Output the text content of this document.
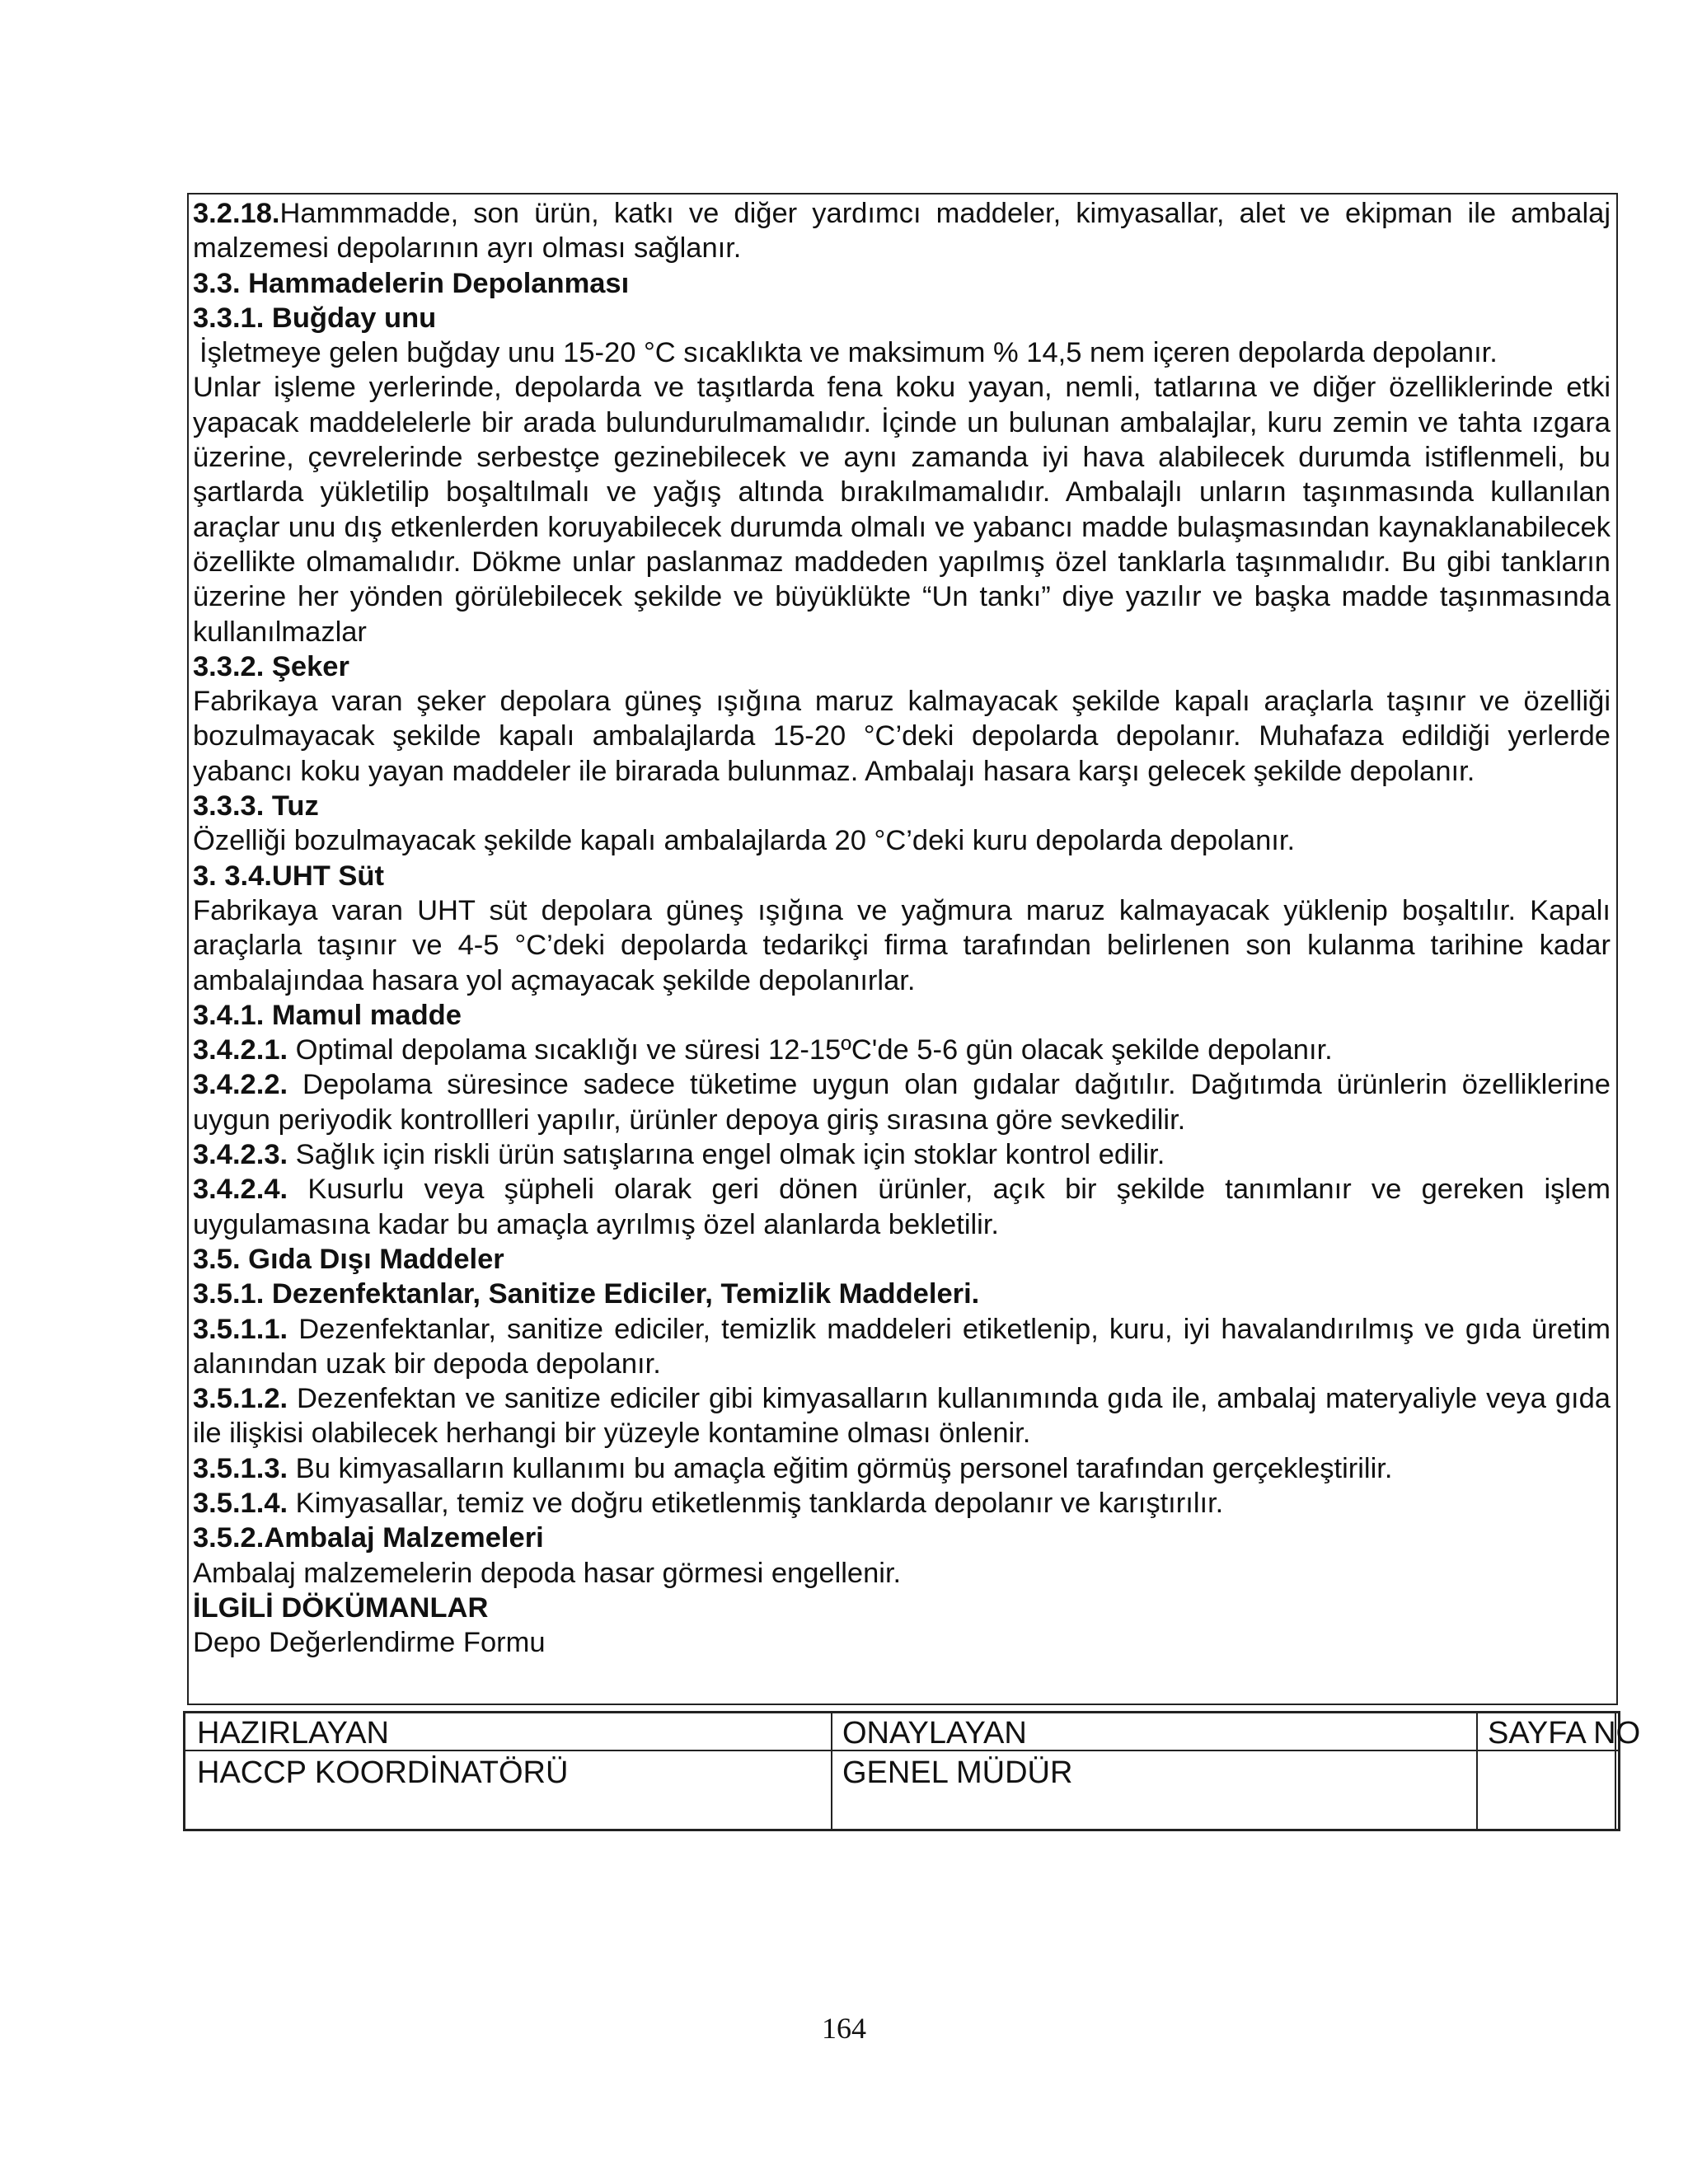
3.2.18.Hammmadde, son ürün, katkı ve diğer yardımcı maddeler, kimyasallar, alet ve ekipman ile ambalaj malzemesi depolarının ayrı olması sağlanır.

3.3. Hammadelerin Depolanması

3.3.1. Buğday unu

İşletmeye gelen buğday unu 15-20 °C sıcaklıkta ve maksimum % 14,5 nem içeren depolarda depolanır.

Unlar işleme yerlerinde, depolarda ve taşıtlarda fena koku yayan, nemli, tatlarına ve diğer özelliklerinde etki yapacak maddelelerle bir arada bulundurulmamalıdır. İçinde un bulunan ambalajlar, kuru zemin ve tahta ızgara üzerine, çevrelerinde serbestçe gezinebilecek ve aynı zamanda iyi hava alabilecek durumda istiflenmeli, bu şartlarda yükletilip boşaltılmalı ve yağış altında bırakılmamalıdır. Ambalajlı unların taşınmasında kullanılan araçlar unu dış etkenlerden koruyabilecek durumda olmalı ve yabancı madde bulaşmasından kaynaklanabilecek özellikte olmamalıdır. Dökme unlar paslanmaz maddeden yapılmış özel tanklarla taşınmalıdır. Bu gibi tankların üzerine her yönden görülebilecek şekilde ve büyüklükte “Un tankı” diye yazılır ve başka madde taşınmasında kullanılmazlar

3.3.2. Şeker

Fabrikaya varan şeker depolara güneş ışığına maruz kalmayacak şekilde kapalı araçlarla taşınır ve özelliği bozulmayacak şekilde kapalı ambalajlarda 15-20 °C’deki depolarda depolanır. Muhafaza edildiği yerlerde yabancı koku yayan maddeler ile birarada bulunmaz. Ambalajı hasara karşı gelecek şekilde depolanır.

3.3.3. Tuz

Özelliği bozulmayacak şekilde kapalı ambalajlarda 20 °C’deki kuru depolarda depolanır.

3. 3.4.UHT Süt

Fabrikaya varan UHT süt depolara güneş ışığına ve yağmura maruz kalmayacak yüklenip boşaltılır. Kapalı araçlarla taşınır ve 4-5 °C’deki depolarda tedarikçi firma tarafından belirlenen son kulanma tarihine kadar ambalajındaa hasara yol açmayacak şekilde depolanırlar.

3.4.1. Mamul madde

3.4.2.1. Optimal depolama sıcaklığı ve süresi 12-15ºC'de 5-6 gün olacak şekilde depolanır.

3.4.2.2. Depolama süresince sadece tüketime uygun olan gıdalar dağıtılır. Dağıtımda ürünlerin özelliklerine uygun periyodik kontrollleri yapılır, ürünler depoya giriş sırasına göre sevkedilir.

3.4.2.3. Sağlık için riskli ürün satışlarına engel olmak için stoklar kontrol edilir.

3.4.2.4. Kusurlu veya şüpheli olarak geri dönen ürünler, açık bir şekilde tanımlanır ve gereken işlem uygulamasına kadar bu amaçla ayrılmış özel alanlarda bekletilir.

3.5. Gıda Dışı Maddeler

3.5.1. Dezenfektanlar, Sanitize Ediciler, Temizlik Maddeleri.

3.5.1.1. Dezenfektanlar, sanitize ediciler, temizlik maddeleri etiketlenip, kuru, iyi havalandırılmış ve gıda üretim alanından uzak bir depoda depolanır.

3.5.1.2. Dezenfektan ve sanitize ediciler gibi kimyasalların kullanımında gıda ile, ambalaj materyaliyle veya gıda ile ilişkisi olabilecek herhangi bir yüzeyle kontamine olması önlenir.

3.5.1.3. Bu kimyasalların kullanımı bu amaçla eğitim görmüş personel tarafından gerçekleştirilir.

3.5.1.4. Kimyasallar, temiz ve doğru etiketlenmiş tanklarda depolanır ve karıştırılır.

3.5.2.Ambalaj Malzemeleri

Ambalaj malzemelerin depoda hasar görmesi engellenir.

İLGİLİ DÖKÜMANLAR

Depo Değerlendirme Formu

HAZIRLAYAN	ONAYLAYAN	SAYFA NO
HACCP KOORDİNATÖRÜ	GENEL MÜDÜR
164
